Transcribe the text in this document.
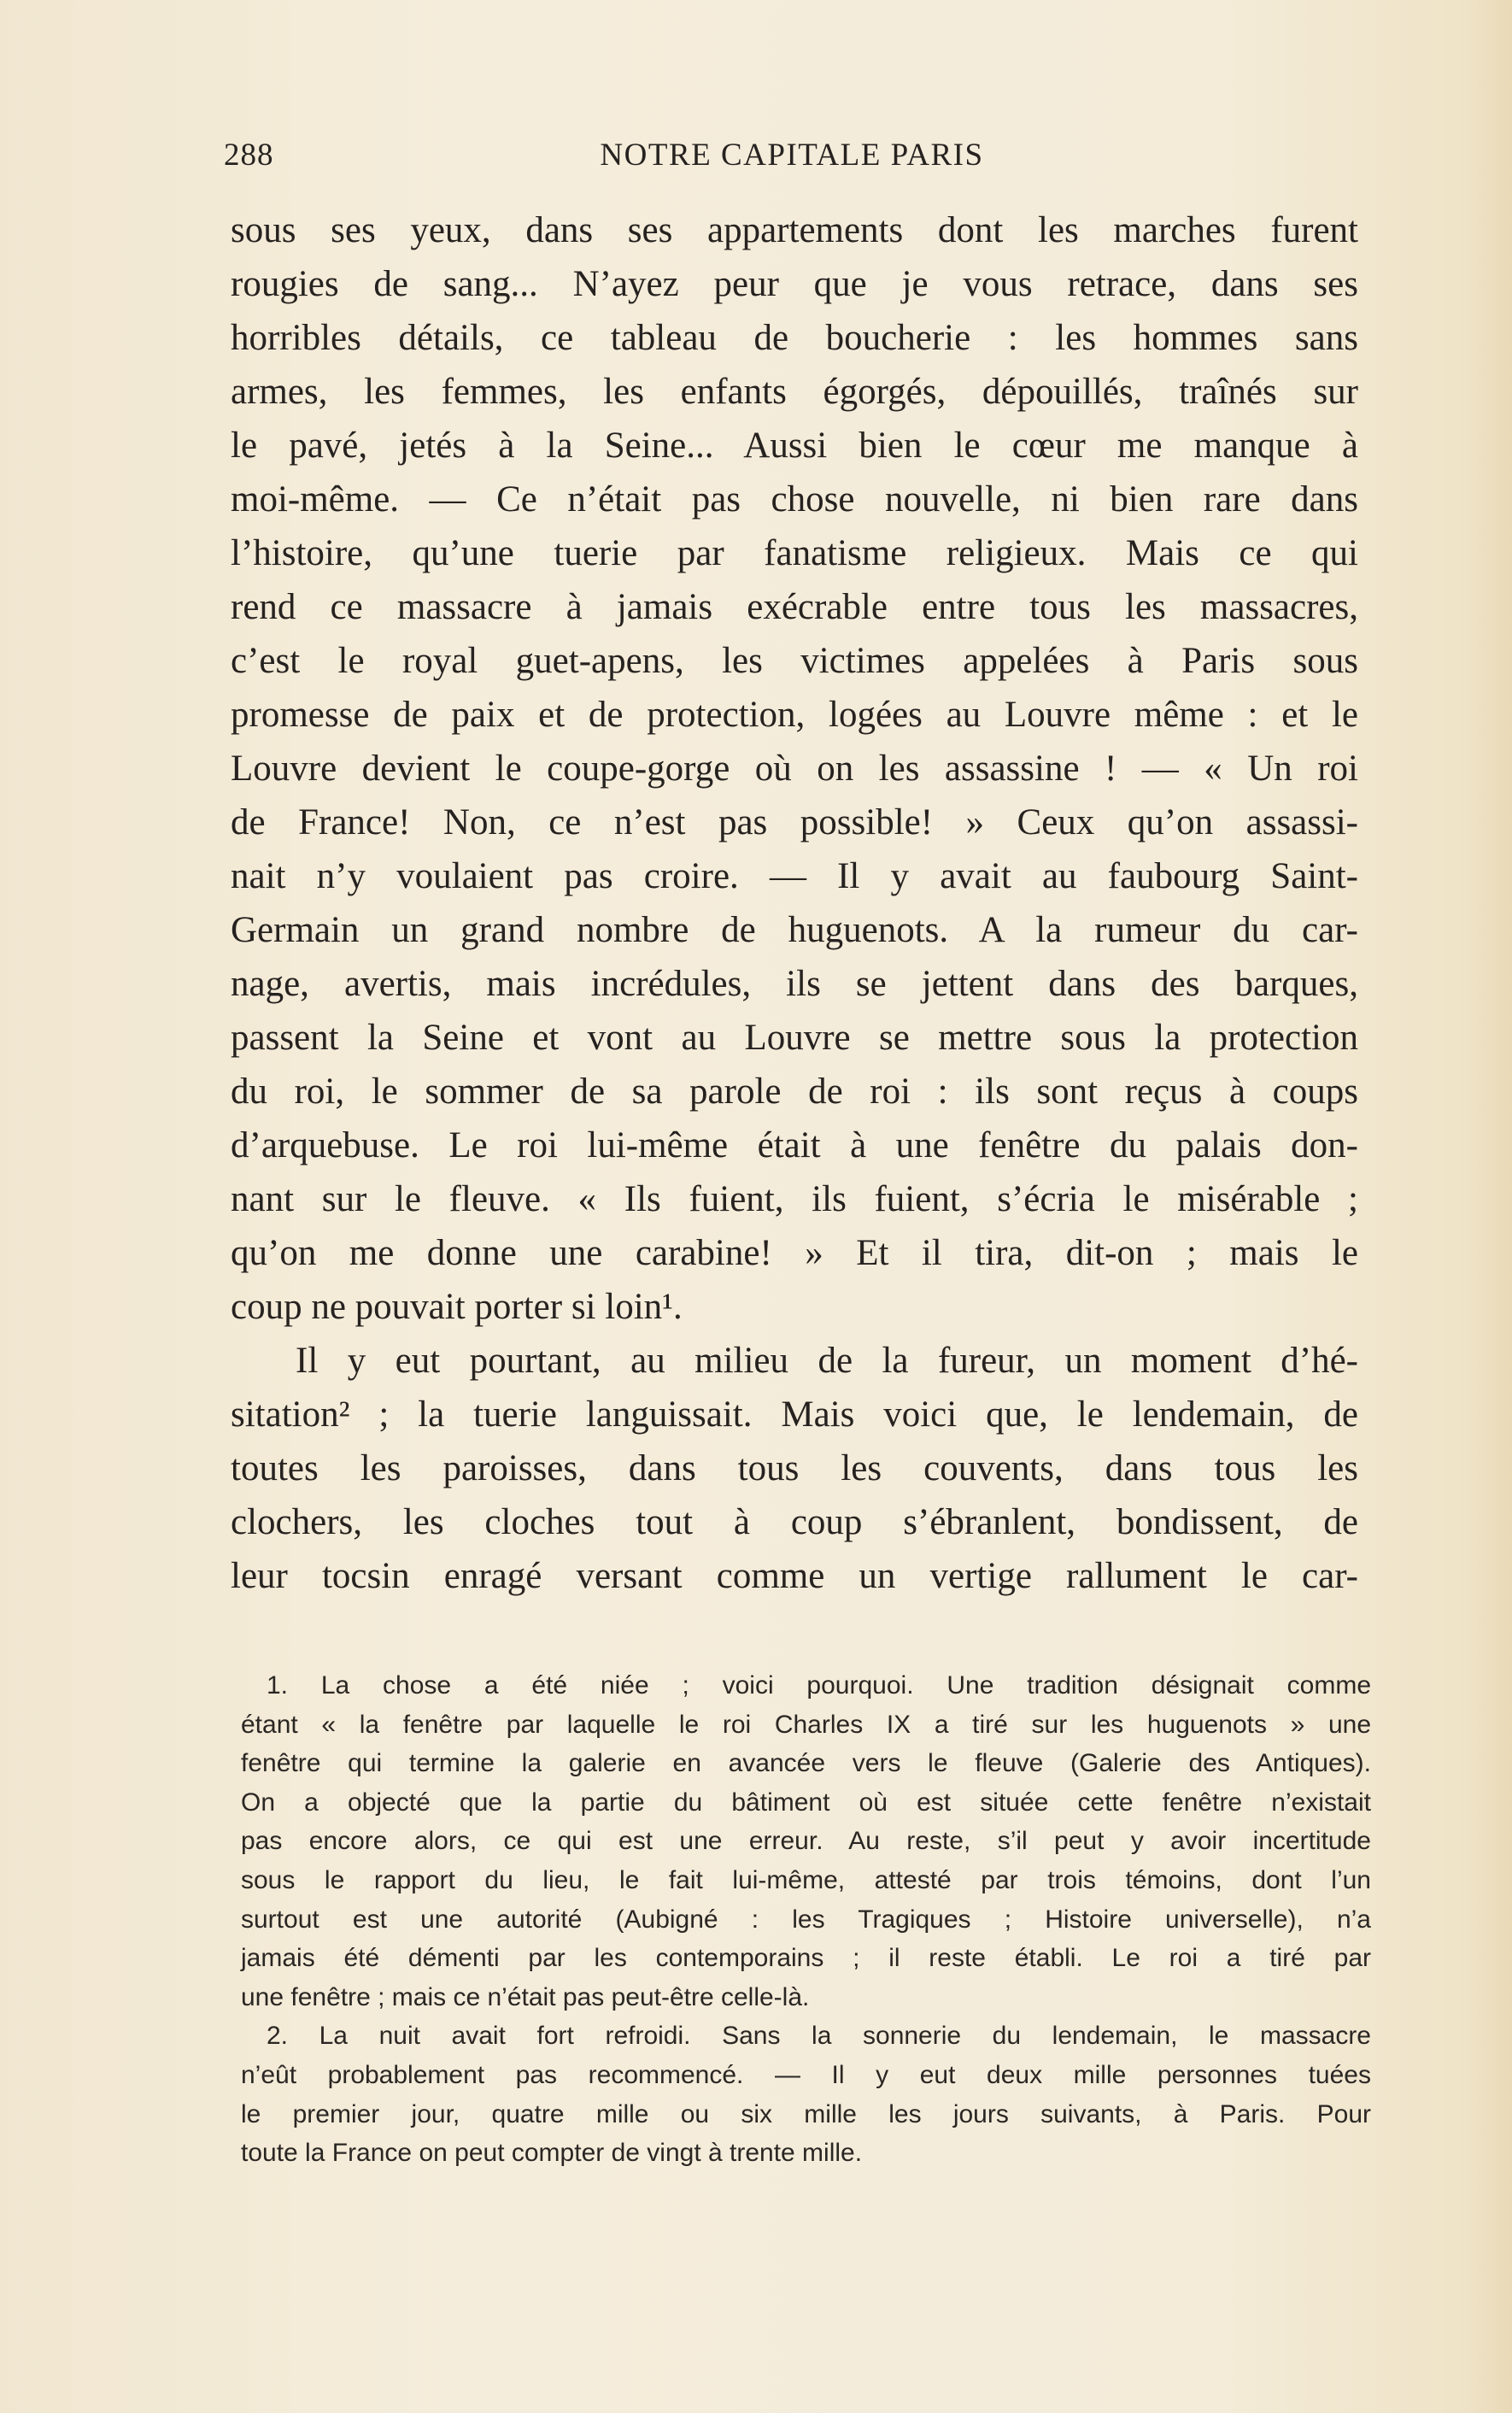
288	NOTRE CAPITALE PARIS
sous ses yeux, dans ses appartements dont les marches furent
rougies de sang... N’ayez peur que je vous retrace, dans ses
horribles détails, ce tableau de boucherie : les hommes sans
armes, les femmes, les enfants égorgés, dépouillés, traînés sur
le pavé, jetés à la Seine... Aussi bien le cœur me manque à
moi-même. — Ce n’était pas chose nouvelle, ni bien rare dans
l’histoire, qu’une tuerie par fanatisme religieux. Mais ce qui
rend ce massacre à jamais exécrable entre tous les massacres,
c’est le royal guet-apens, les victimes appelées à Paris sous
promesse de paix et de protection, logées au Louvre même : et le
Louvre devient le coupe-gorge où on les assassine ! — « Un roi
de France! Non, ce n’est pas possible! » Ceux qu’on assassi-
nait n’y voulaient pas croire. — Il y avait au faubourg Saint-
Germain un grand nombre de huguenots. A la rumeur du car-
nage, avertis, mais incrédules, ils se jettent dans des barques,
passent la Seine et vont au Louvre se mettre sous la protection
du roi, le sommer de sa parole de roi : ils sont reçus à coups
d’arquebuse. Le roi lui-même était à une fenêtre du palais don-
nant sur le fleuve. « Ils fuient, ils fuient, s’écria le misérable ;
qu’on me donne une carabine! » Et il tira, dit-on ; mais le
coup ne pouvait porter si loin¹.
Il y eut pourtant, au milieu de la fureur, un moment d’hé-
sitation² ; la tuerie languissait. Mais voici que, le lendemain, de
toutes les paroisses, dans tous les couvents, dans tous les
clochers, les cloches tout à coup s’ébranlent, bondissent, de
leur tocsin enragé versant comme un vertige rallument le car-
1. La chose a été niée ; voici pourquoi. Une tradition désignait comme
étant « la fenêtre par laquelle le roi Charles IX a tiré sur les huguenots » une
fenêtre qui termine la galerie en avancée vers le fleuve (Galerie des Antiques).
On a objecté que la partie du bâtiment où est située cette fenêtre n’existait
pas encore alors, ce qui est une erreur. Au reste, s’il peut y avoir incertitude
sous le rapport du lieu, le fait lui-même, attesté par trois témoins, dont l’un
surtout est une autorité (Aubigné : les Tragiques ; Histoire universelle), n’a
jamais été démenti par les contemporains ; il reste établi. Le roi a tiré par
une fenêtre ; mais ce n’était pas peut-être celle-là.
2. La nuit avait fort refroidi. Sans la sonnerie du lendemain, le massacre
n’eût probablement pas recommencé. — Il y eut deux mille personnes tuées
le premier jour, quatre mille ou six mille les jours suivants, à Paris. Pour
toute la France on peut compter de vingt à trente mille.
